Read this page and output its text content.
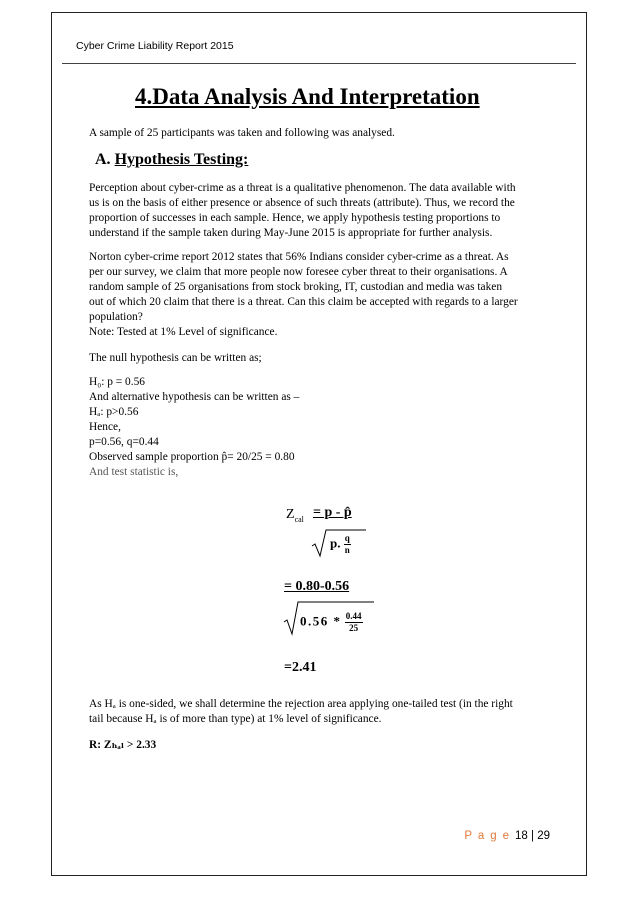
Cyber Crime Liability Report 2015
4.Data Analysis And Interpretation
A sample of 25 participants was taken and following was analysed.
A. Hypothesis Testing:
Perception about cyber-crime as a threat is a qualitative phenomenon. The data available with
us is on the basis of either presence or absence of such threats (attribute). Thus, we record the
proportion of successes in each sample. Hence, we apply hypothesis testing proportions to
understand if the sample taken during May-June 2015 is appropriate for further analysis.
Norton cyber-crime report 2012 states that 56% Indians consider cyber-crime as a threat. As
per our survey, we claim that more people now foresee cyber threat to their organisations. A
random sample of 25 organisations from stock broking, IT, custodian and media was taken
out of which 20 claim that there is a threat. Can this claim be accepted with regards to a larger
population?
Note: Tested at 1% Level of significance.
The null hypothesis can be written as;
H₀: p = 0.56
And alternative hypothesis can be written as –
Hₐ: p>0.56
Hence,
p=0.56, q=0.44
Observed sample proportion p̂= 20/25 = 0.80
And test statistic is,
$Z_{cal} = p$ - p̂
p. $\frac{q}{n}$
= 0.80-0.56
$0.56 * \frac{0.44}{25}$
=2.41
As Hₐ is one-sided, we shall determine the rejection area applying one-tailed test (in the right
tail because Hₐ is of more than type) at 1% level of significance.
R: Zₕₐₗ > 2.33
P a g e 18 | 29
